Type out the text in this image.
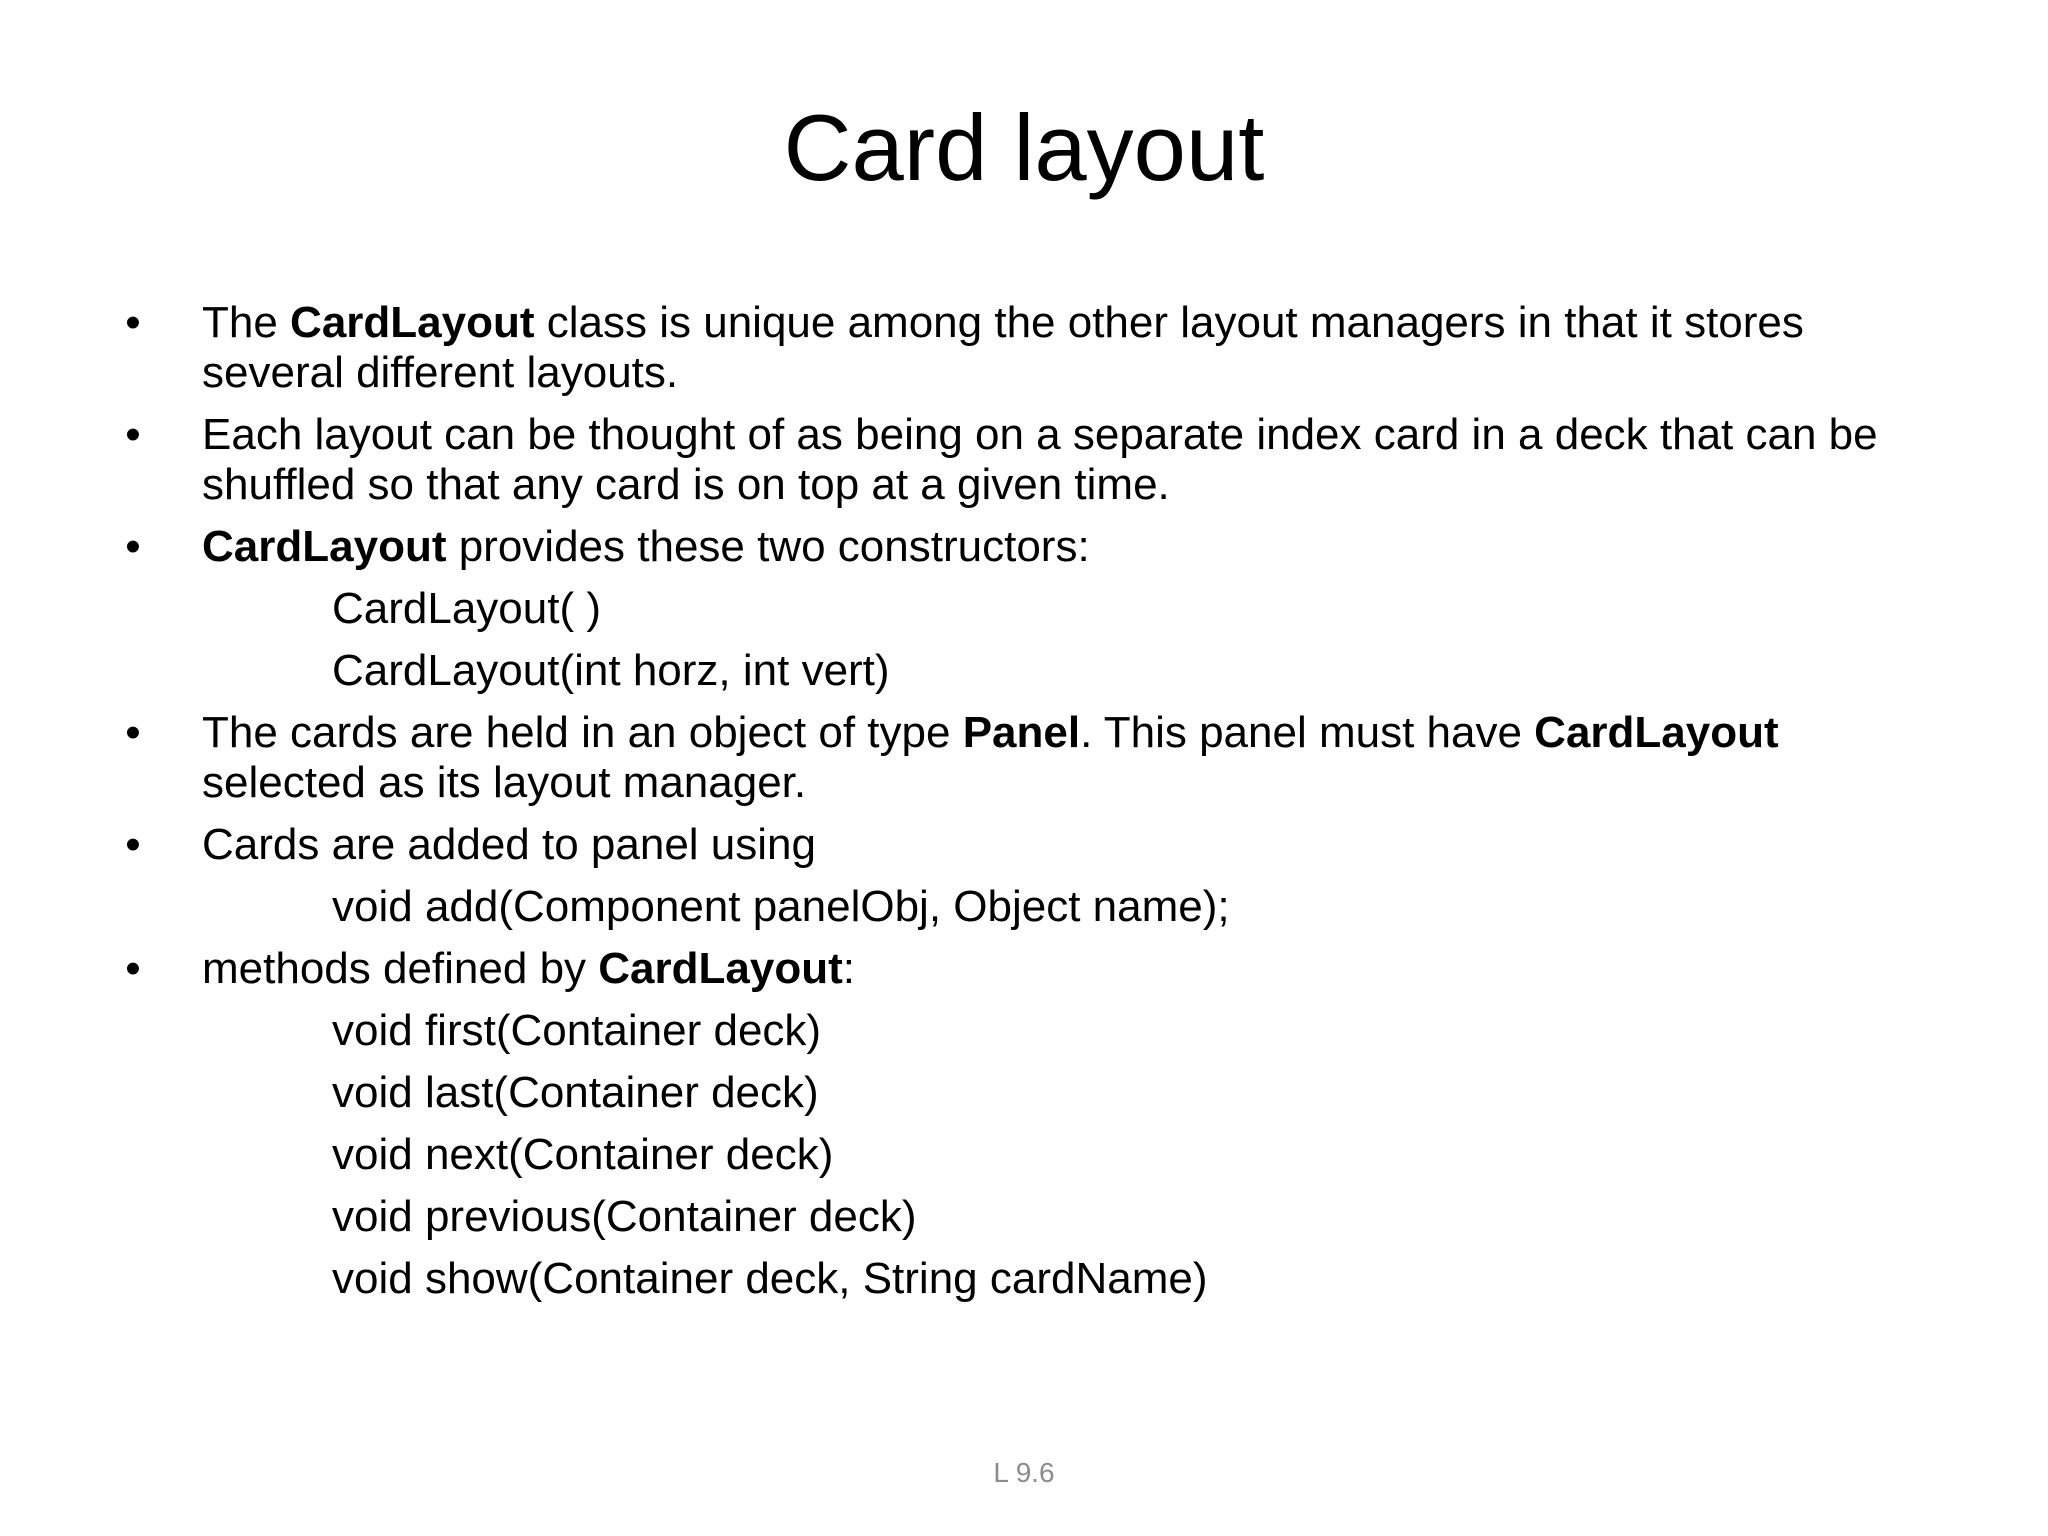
Card layout
• The CardLayout class is unique among the other layout managers in that it stores several different layouts.
• Each layout can be thought of as being on a separate index card in a deck that can be shuffled so that any card is on top at a given time.
• CardLayout provides these two constructors:
CardLayout( )
CardLayout(int horz, int vert)
• The cards are held in an object of type Panel. This panel must have CardLayout selected as its layout manager.
• Cards are added to panel using
void add(Component panelObj, Object name);
• methods defined by CardLayout:
void first(Container deck)
void last(Container deck)
void next(Container deck)
void previous(Container deck)
void show(Container deck, String cardName)
L 9.6
